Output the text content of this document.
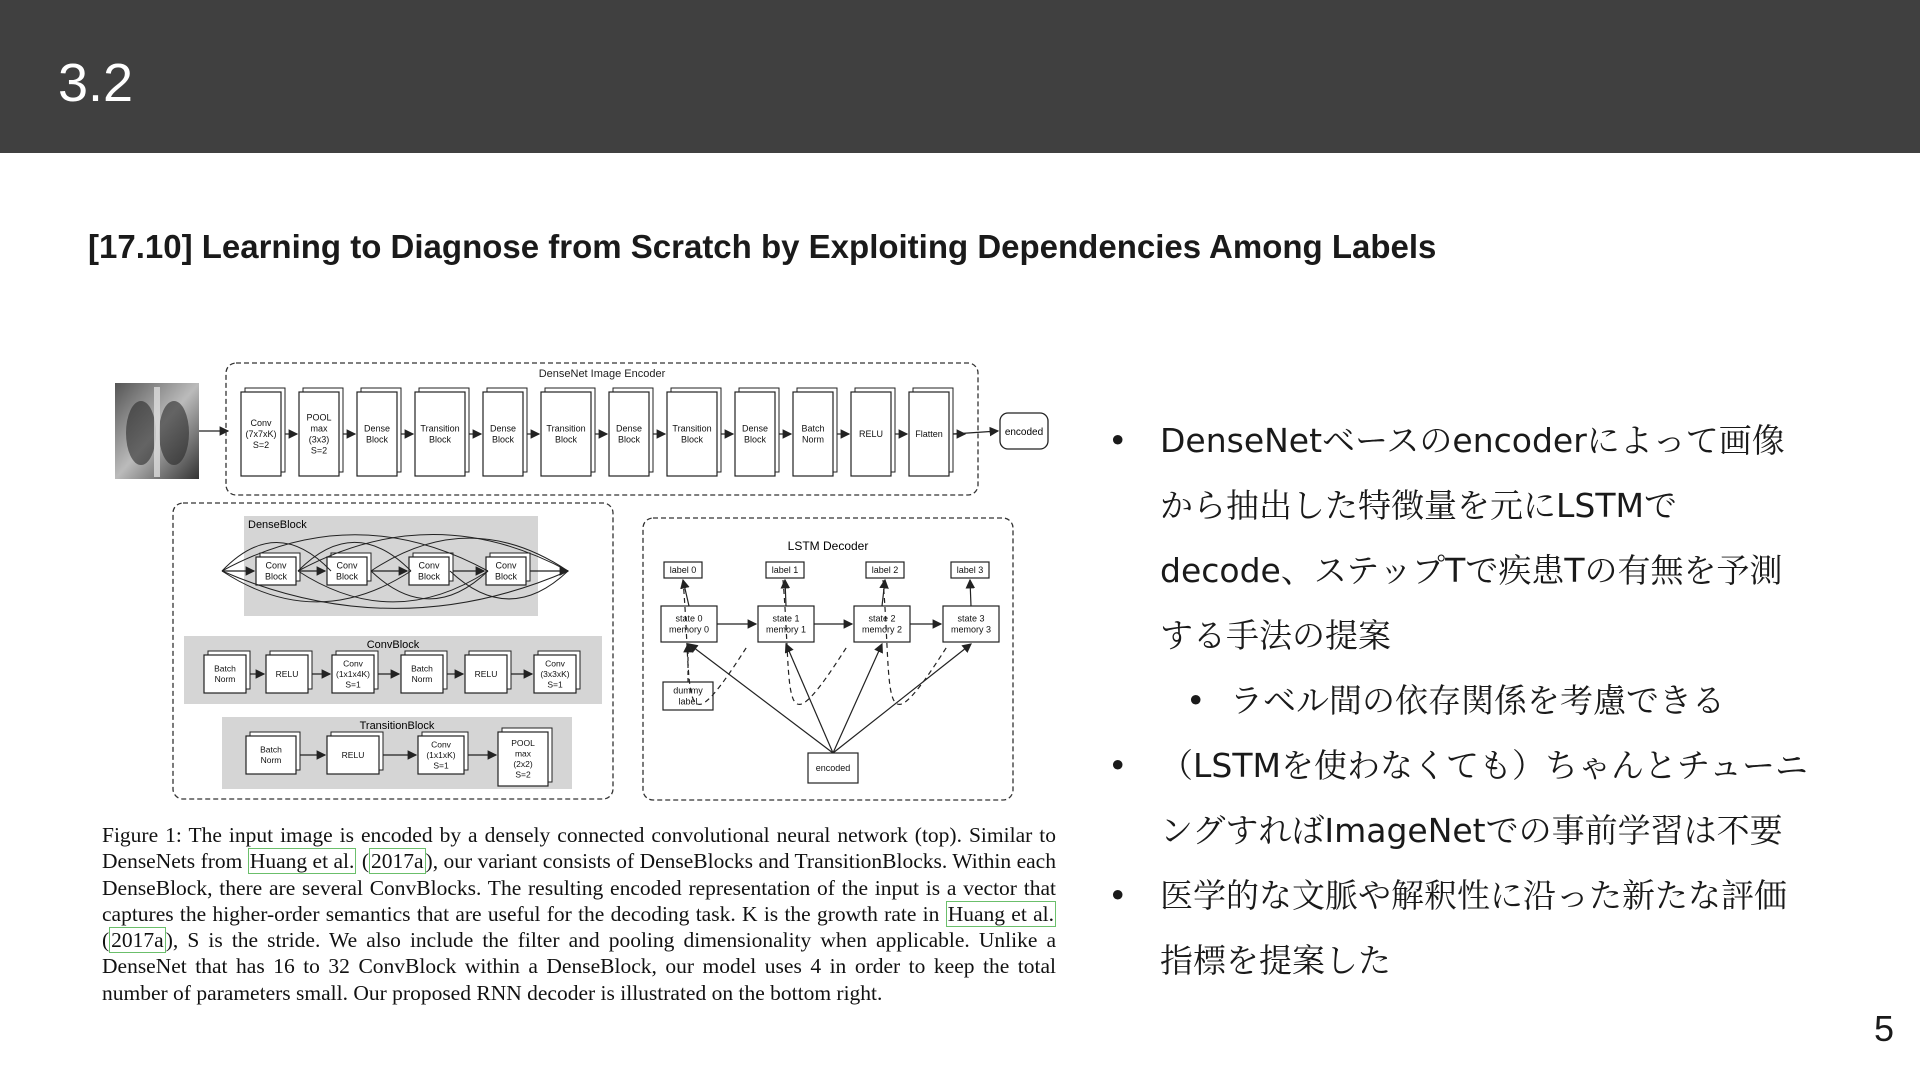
3.2
[17.10] Learning to Diagnose from Scratch by Exploiting Dependencies Among Labels
DenseNet Image Encoder
Conv
(7x7xK)
S=2
POOL
max
(3x3)
S=2
Dense
Block
Transition
Block
Dense
Block
Transition
Block
Dense
Block
Transition
Block
Dense
Block
Batch
Norm
RELU	Flatten	encoded
DenseBlock
Conv
Block
Conv
Block
Conv
Block
Conv
Block
ConvBlock
Batch
Norm
RELU
Conv
(1x1x4K)
S=1
Batch
Norm
RELU
Conv
(3x3xK)
S=1
TransitionBlock
Batch
Norm
RELU
Conv
(1x1xK)
S=1
POOL
max
(2x2)
S=2
LSTM Decoder
label 0	label 1	label 2	label 3
state 0
memory 0
state 1
memory 1
state 2
memory 2
state 3
memory 3
dummy
label
encoded
Figure 1: The input image is encoded by a densely connected convolutional neural network (top). Similar to DenseNets from Huang et al. (2017a), our variant consists of DenseBlocks and TransitionBlocks. Within each DenseBlock, there are several ConvBlocks. The resulting encoded representation of the input is a vector that captures the higher-order semantics that are useful for the decoding task. K is the growth rate in Huang et al. (2017a), S is the stride. We also include the filter and pooling dimensionality when applicable. Unlike a DenseNet that has 16 to 32 ConvBlock within a DenseBlock, our model uses 4 in order to keep the total number of parameters small. Our proposed RNN decoder is illustrated on the bottom right.
• DenseNetベースのencoderによって画像から抽出した特徴量を元にLSTMでdecode、ステップTで疾患Tの有無を予測する手法の提案
• ラベル間の依存関係を考慮できる
• （LSTMを使わなくても）ちゃんとチューニングすればImageNetでの事前学習は不要
• 医学的な文脈や解釈性に沿った新たな評価指標を提案した
5
